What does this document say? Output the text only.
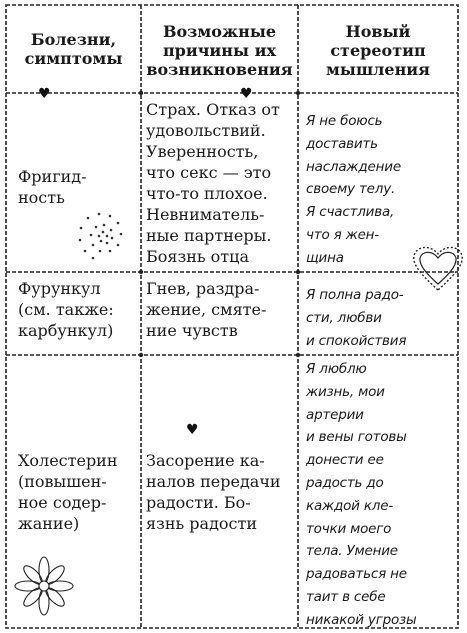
♥	♥
♥
Болезни,
симптомы
Возможные
причины их
возникновения
Новый
стереотип
мышления
Фригид-
ность
Страх. Отказ от
удовольствий.
Уверенность,
что секс — это
что-то плохое.
Невниматель-
ные партнеры.
Боязнь отца
Я не боюсь
доставить
наслаждение
своему телу.
Я счастлива,
что я жен-
щина
Фурункул
(см. также:
карбункул)
Гнев, раздра-
жение, смяте-
ние чувств
Я полна радо-
сти, любви
и спокойствия
Холестерин
(повышен-
ное содер-
жание)
Засорение ка-
налов передачи
радости. Бо-
язнь радости
Я люблю
жизнь, мои
артерии
и вены готовы
донести ее
радость до
каждой кле-
точки моего
тела. Умение
радоваться не
таит в себе
никакой угрозы
